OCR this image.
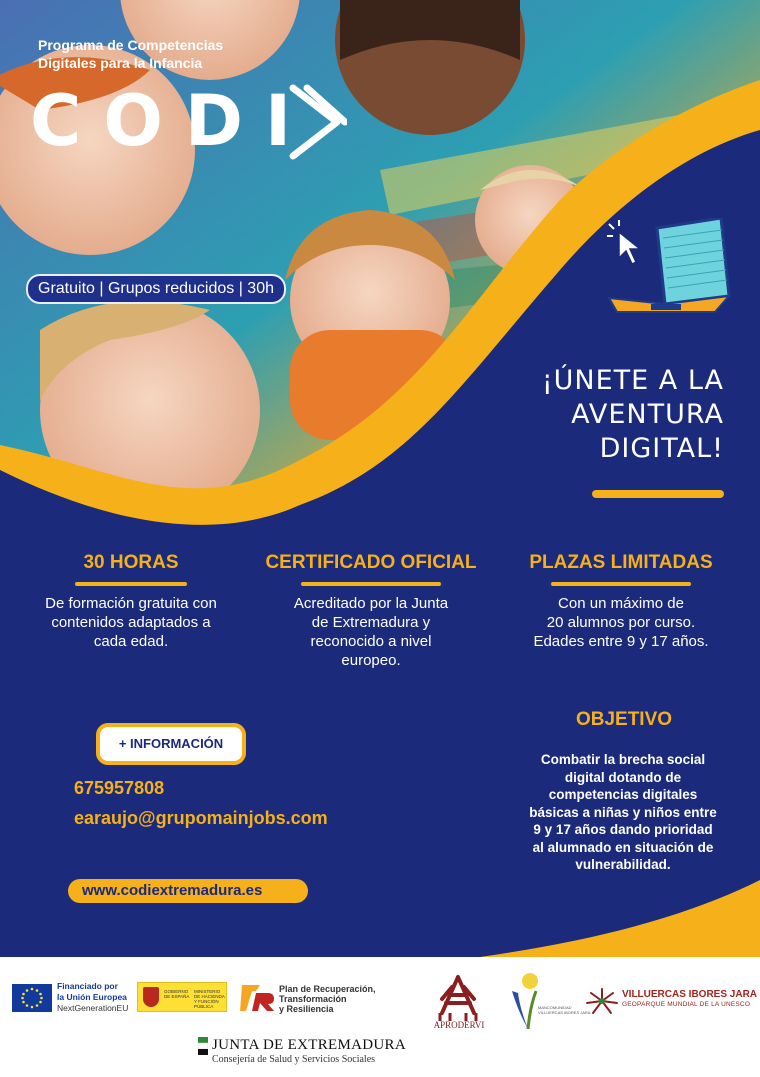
Programa de Competencias
Digitales para la Infancia
CODI
Gratuito | Grupos reducidos | 30h
¡ÚNETE A LA
AVENTURA
DIGITAL!
30 HORAS
De formación gratuita con
contenidos adaptados a
cada edad.
CERTIFICADO OFICIAL
Acreditado por la Junta
de Extremadura y
reconocido a nivel
europeo.
PLAZAS LIMITADAS
Con un máximo de
20 alumnos por curso.
Edades entre 9 y 17 años.
+ INFORMACIÓN
675957808
earaujo@grupomainjobs.com
www.codiextremadura.es
OBJETIVO
Combatir la brecha social
digital dotando de
competencias digitales
básicas a niñas y niños entre
9 y 17 años dando prioridad
al alumnado en situación de
vulnerabilidad.
Financiado por
la Unión Europea
NextGenerationEU
GOBIERNO
DE ESPAÑA
MINISTERIO
DE HACIENDA
Y FUNCIÓN PÚBLICA
Plan de Recuperación,
Transformación
y Resiliencia
APRODERVI
MANCOMUNIDAD
VILLUERCAS IBORES JARA
VILLUERCAS IBORES JARA
GEOPARQUE MUNDIAL DE LA UNESCO
JUNTA DE EXTREMADURA
Consejería de Salud y Servicios Sociales
